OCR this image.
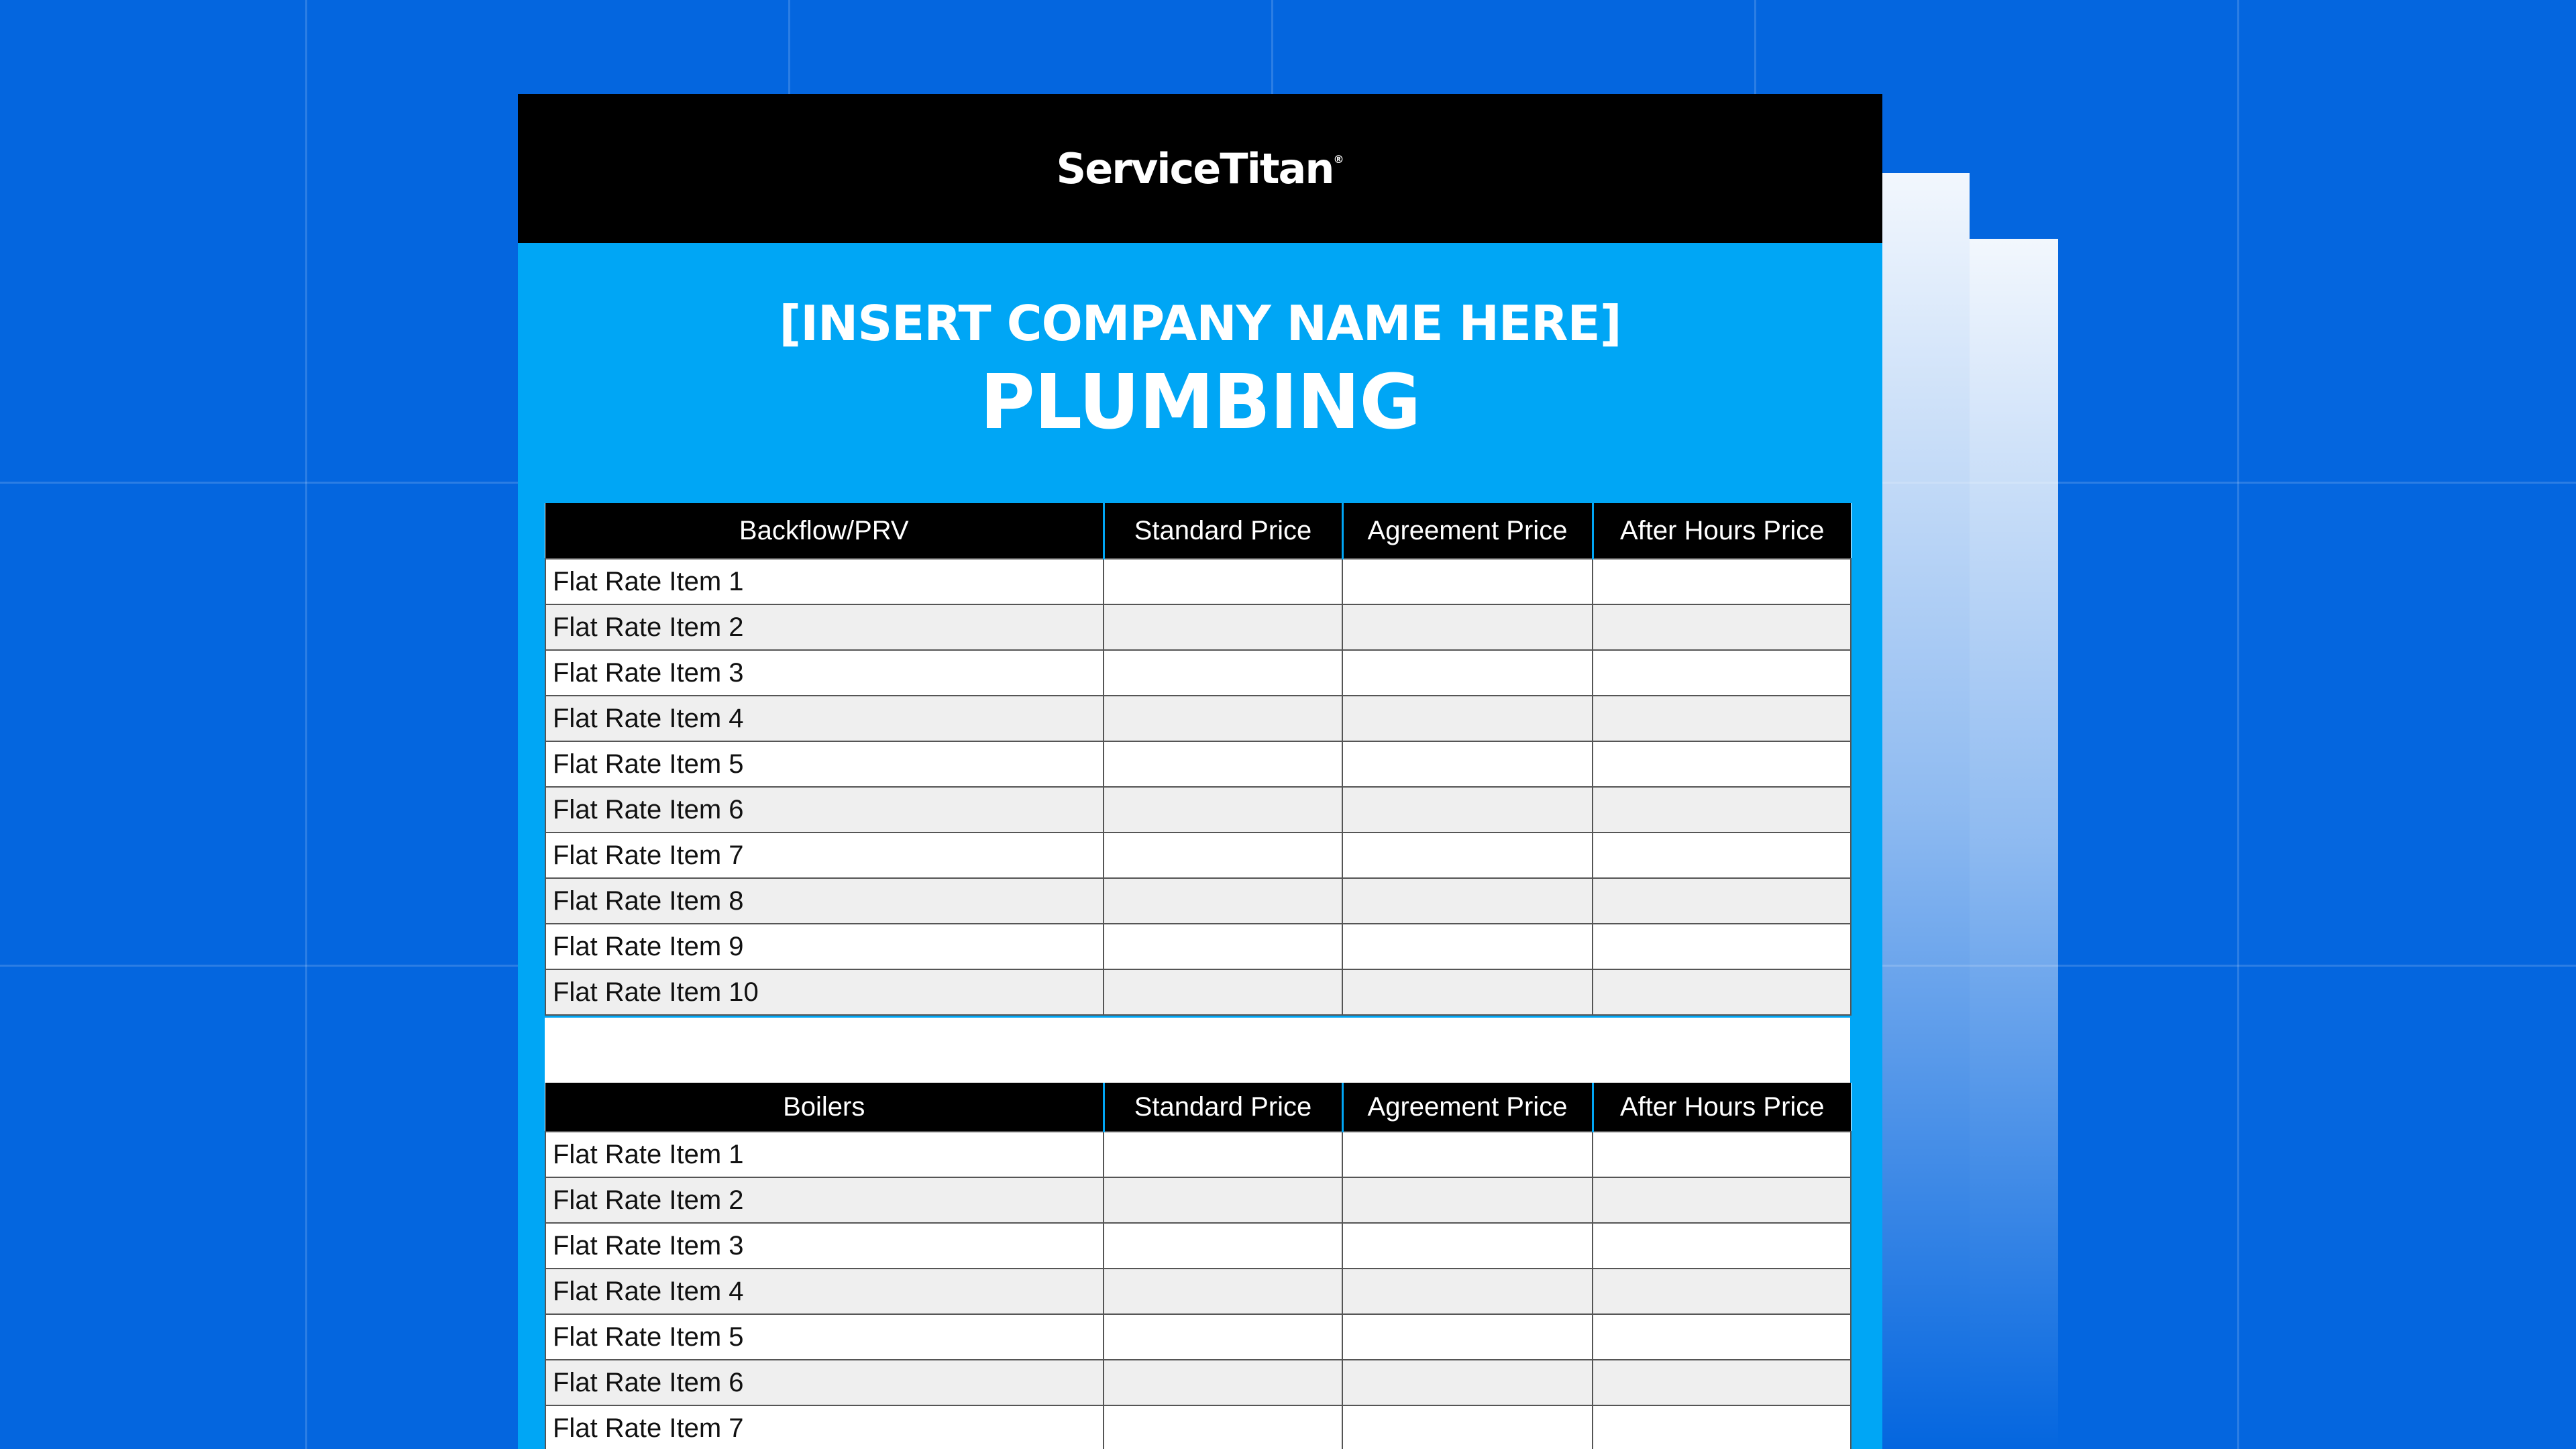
ServiceTitan®
[INSERT COMPANY NAME HERE]
PLUMBING
Backflow/PRV	Standard Price	Agreement Price	After Hours Price
Flat Rate Item 1			
Flat Rate Item 2			
Flat Rate Item 3			
Flat Rate Item 4			
Flat Rate Item 5			
Flat Rate Item 6			
Flat Rate Item 7			
Flat Rate Item 8			
Flat Rate Item 9			
Flat Rate Item 10			
Boilers	Standard Price	Agreement Price	After Hours Price
Flat Rate Item 1			
Flat Rate Item 2			
Flat Rate Item 3			
Flat Rate Item 4			
Flat Rate Item 5			
Flat Rate Item 6			
Flat Rate Item 7			
